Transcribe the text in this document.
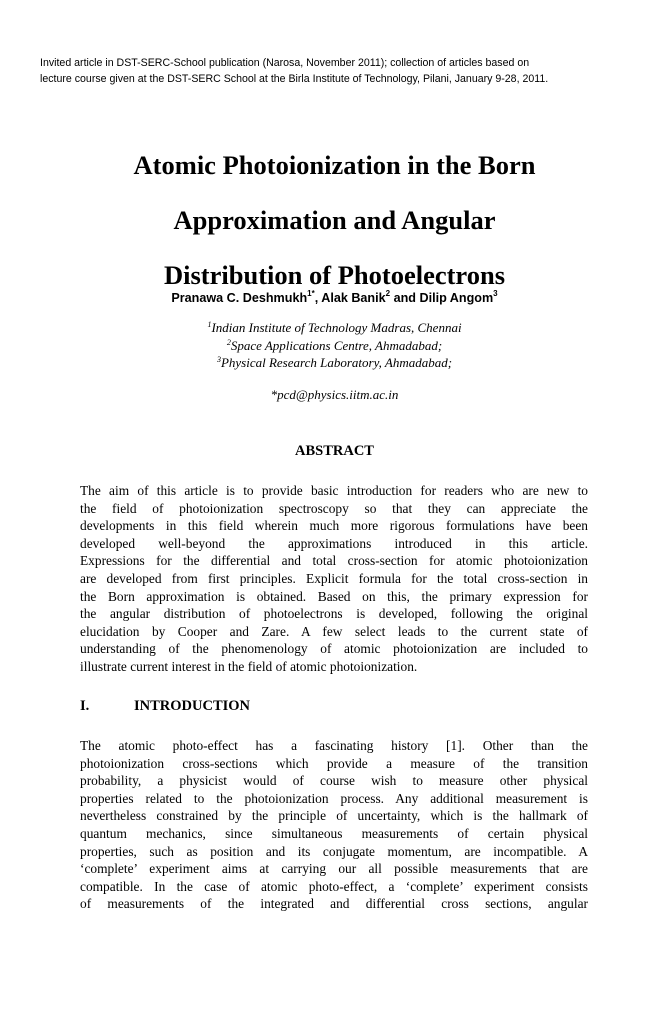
Invited article in DST-SERC-School publication (Narosa, November 2011); collection of articles based on
lecture course given at the DST-SERC School at the Birla Institute of Technology, Pilani, January 9-28, 2011.
Atomic Photoionization in the Born
Approximation and Angular
Distribution of Photoelectrons
Pranawa C. Deshmukh$^{1*}$, Alak Banik$^2$ and Dilip Angom$^3$
$^1$Indian Institute of Technology Madras, Chennai
$^2$Space Applications Centre, Ahmadabad;
$^3$Physical Research Laboratory, Ahmadabad;
*pcd@physics.iitm.ac.in
ABSTRACT
The aim of this article is to provide basic introduction for readers who are new to
the field of photoionization spectroscopy so that they can appreciate the
developments in this field wherein much more rigorous formulations have been
developed well-beyond the approximations introduced in this article.
Expressions for the differential and total cross-section for atomic photoionization
are developed from first principles. Explicit formula for the total cross-section in
the Born approximation is obtained. Based on this, the primary expression for
the angular distribution of photoelectrons is developed, following the original
elucidation by Cooper and Zare. A few select leads to the current state of
understanding of the phenomenology of atomic photoionization are included to
illustrate current interest in the field of atomic photoionization.
I.	INTRODUCTION
The atomic photo-effect has a fascinating history [1]. Other than the
photoionization cross-sections which provide a measure of the transition
probability, a physicist would of course wish to measure other physical
properties related to the photoionization process. Any additional measurement is
nevertheless constrained by the principle of uncertainty, which is the hallmark of
quantum mechanics, since simultaneous measurements of certain physical
properties, such as position and its conjugate momentum, are incompatible. A
‘complete’ experiment aims at carrying our all possible measurements that are
compatible. In the case of atomic photo-effect, a ‘complete’ experiment consists
of measurements of the integrated and differential cross sections, angular
